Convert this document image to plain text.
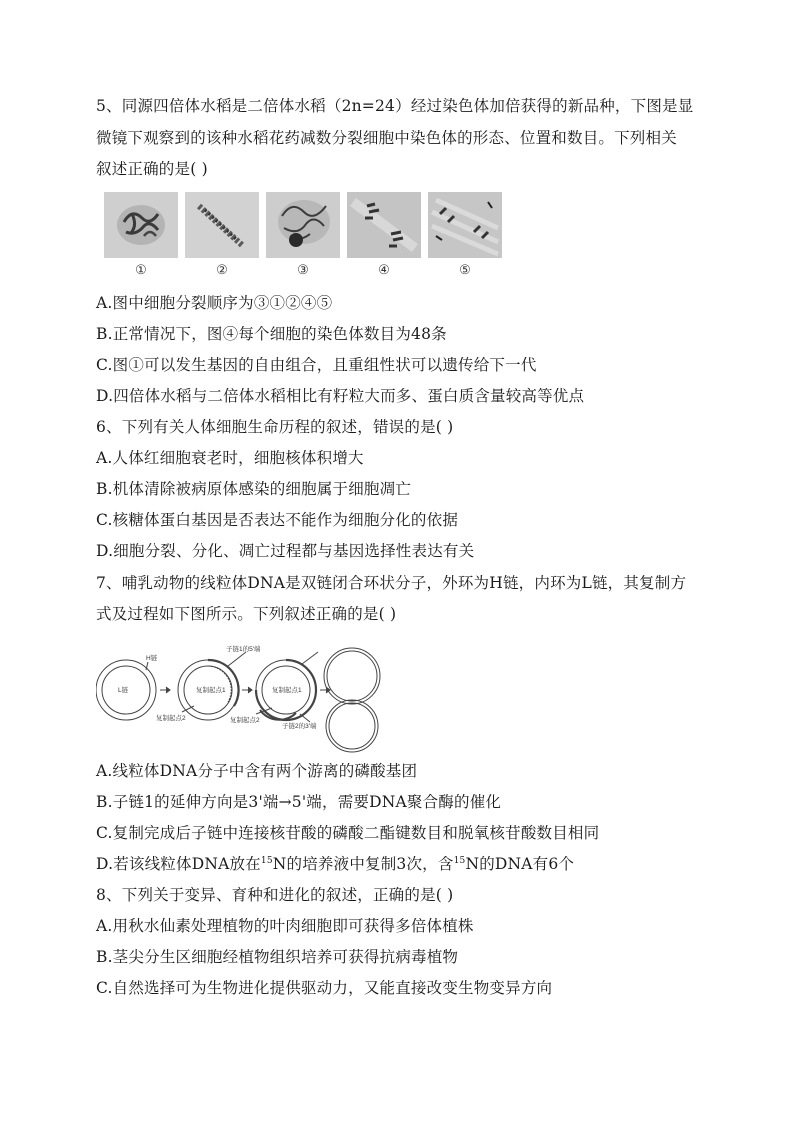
5、同源四倍体水稻是二倍体水稻（2n=24）经过染色体加倍获得的新品种，下图是显
微镜下观察到的该种水稻花药减数分裂细胞中染色体的形态、位置和数目。下列相关
叙述正确的是( )
①	②	③	④	⑤
A.图中细胞分裂顺序为③①②④⑤
B.正常情况下，图④每个细胞的染色体数目为48条
C.图①可以发生基因的自由组合，且重组性状可以遗传给下一代
D.四倍体水稻与二倍体水稻相比有籽粒大而多、蛋白质含量较高等优点
6、下列有关人体细胞生命历程的叙述，错误的是( )
A.人体红细胞衰老时，细胞核体积增大
B.机体清除被病原体感染的细胞属于细胞凋亡
C.核糖体蛋白基因是否表达不能作为细胞分化的依据
D.细胞分裂、分化、凋亡过程都与基因选择性表达有关
7、哺乳动物的线粒体DNA是双链闭合环状分子，外环为H链，内环为L链，其复制方
式及过程如下图所示。下列叙述正确的是( )
H链
L链	复制起点1	复制起点1
复制起点2	复制起点2
子链1的5'端
子链2的3'端
A.线粒体DNA分子中含有两个游离的磷酸基团
B.子链1的延伸方向是3'端→5'端，需要DNA聚合酶的催化
C.复制完成后子链中连接核苷酸的磷酸二酯键数目和脱氧核苷酸数目相同
D.若该线粒体DNA放在$^{15}$N的培养液中复制3次，含$^{15}$N的DNA有6个
8、下列关于变异、育种和进化的叙述，正确的是( )
A.用秋水仙素处理植物的叶肉细胞即可获得多倍体植株
B.茎尖分生区细胞经植物组织培养可获得抗病毒植物
C.自然选择可为生物进化提供驱动力，又能直接改变生物变异方向
